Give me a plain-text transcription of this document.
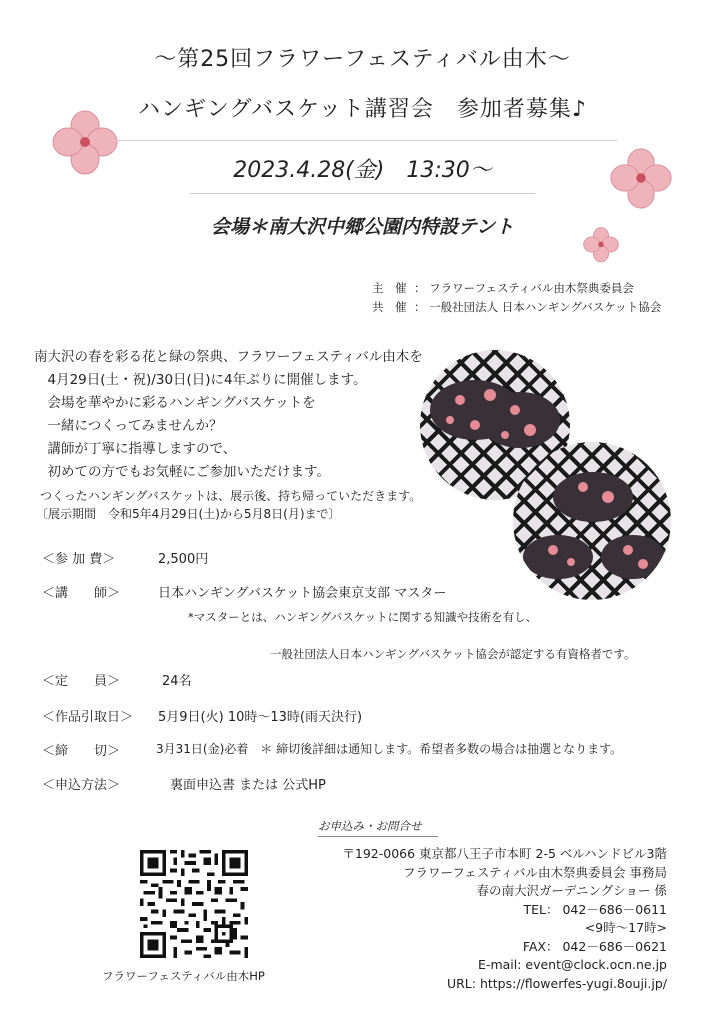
～第25回フラワーフェスティバル由木～
ハンギングバスケット講習会　参加者募集♪
2023.4.28(金)　13:30～
会場＊南大沢中郷公園内特設テント
主　催 ： フラワーフェスティバル由木祭典委員会
共　催 ： 一般社団法人 日本ハンギングバスケット協会
南大沢の春を彩る花と緑の祭典、フラワーフェスティバル由木を
　4月29日(土・祝)/30日(日)に4年ぶりに開催します。
　会場を華やかに彩るハンギングバスケットを
　一緒につくってみませんか？
　講師が丁寧に指導しますので、
　初めての方でもお気軽にご参加いただけます。
つくったハンギングバスケットは、展示後、持ち帰っていただきます。
〔展示期間　令和5年4月29日(土)から5月8日(月)まで〕
＜参 加 費＞	2,500円
＜講　　師＞	日本ハンギングバスケット協会東京支部 マスター
*マスターとは、ハンギングバスケットに関する知識や技術を有し、
一般社団法人日本ハンギングバスケット協会が認定する有資格者です。
＜定　　員＞	24名
＜作品引取日＞ 5月9日(火) 10時～13時(雨天決行)
＜締　　切＞	3月31日(金)必着　＊ 締切後詳細は通知します。希望者多数の場合は抽選となります。
＜申込方法＞	裏面申込書 または 公式HP
お申込み・お問合せ
〒192-0066 東京都八王子市本町 2-5 ベルハンドビル3階
フラワーフェスティバル由木祭典委員会 事務局
春の南大沢ガーデニングショー 係
TEL： 042－686－0611
<9時～17時>
FAX： 042－686－0621
E-mail: event@clock.ocn.ne.jp
URL: https://flowerfes-yugi.8ouji.jp/
フラワーフェスティバル由木HP
